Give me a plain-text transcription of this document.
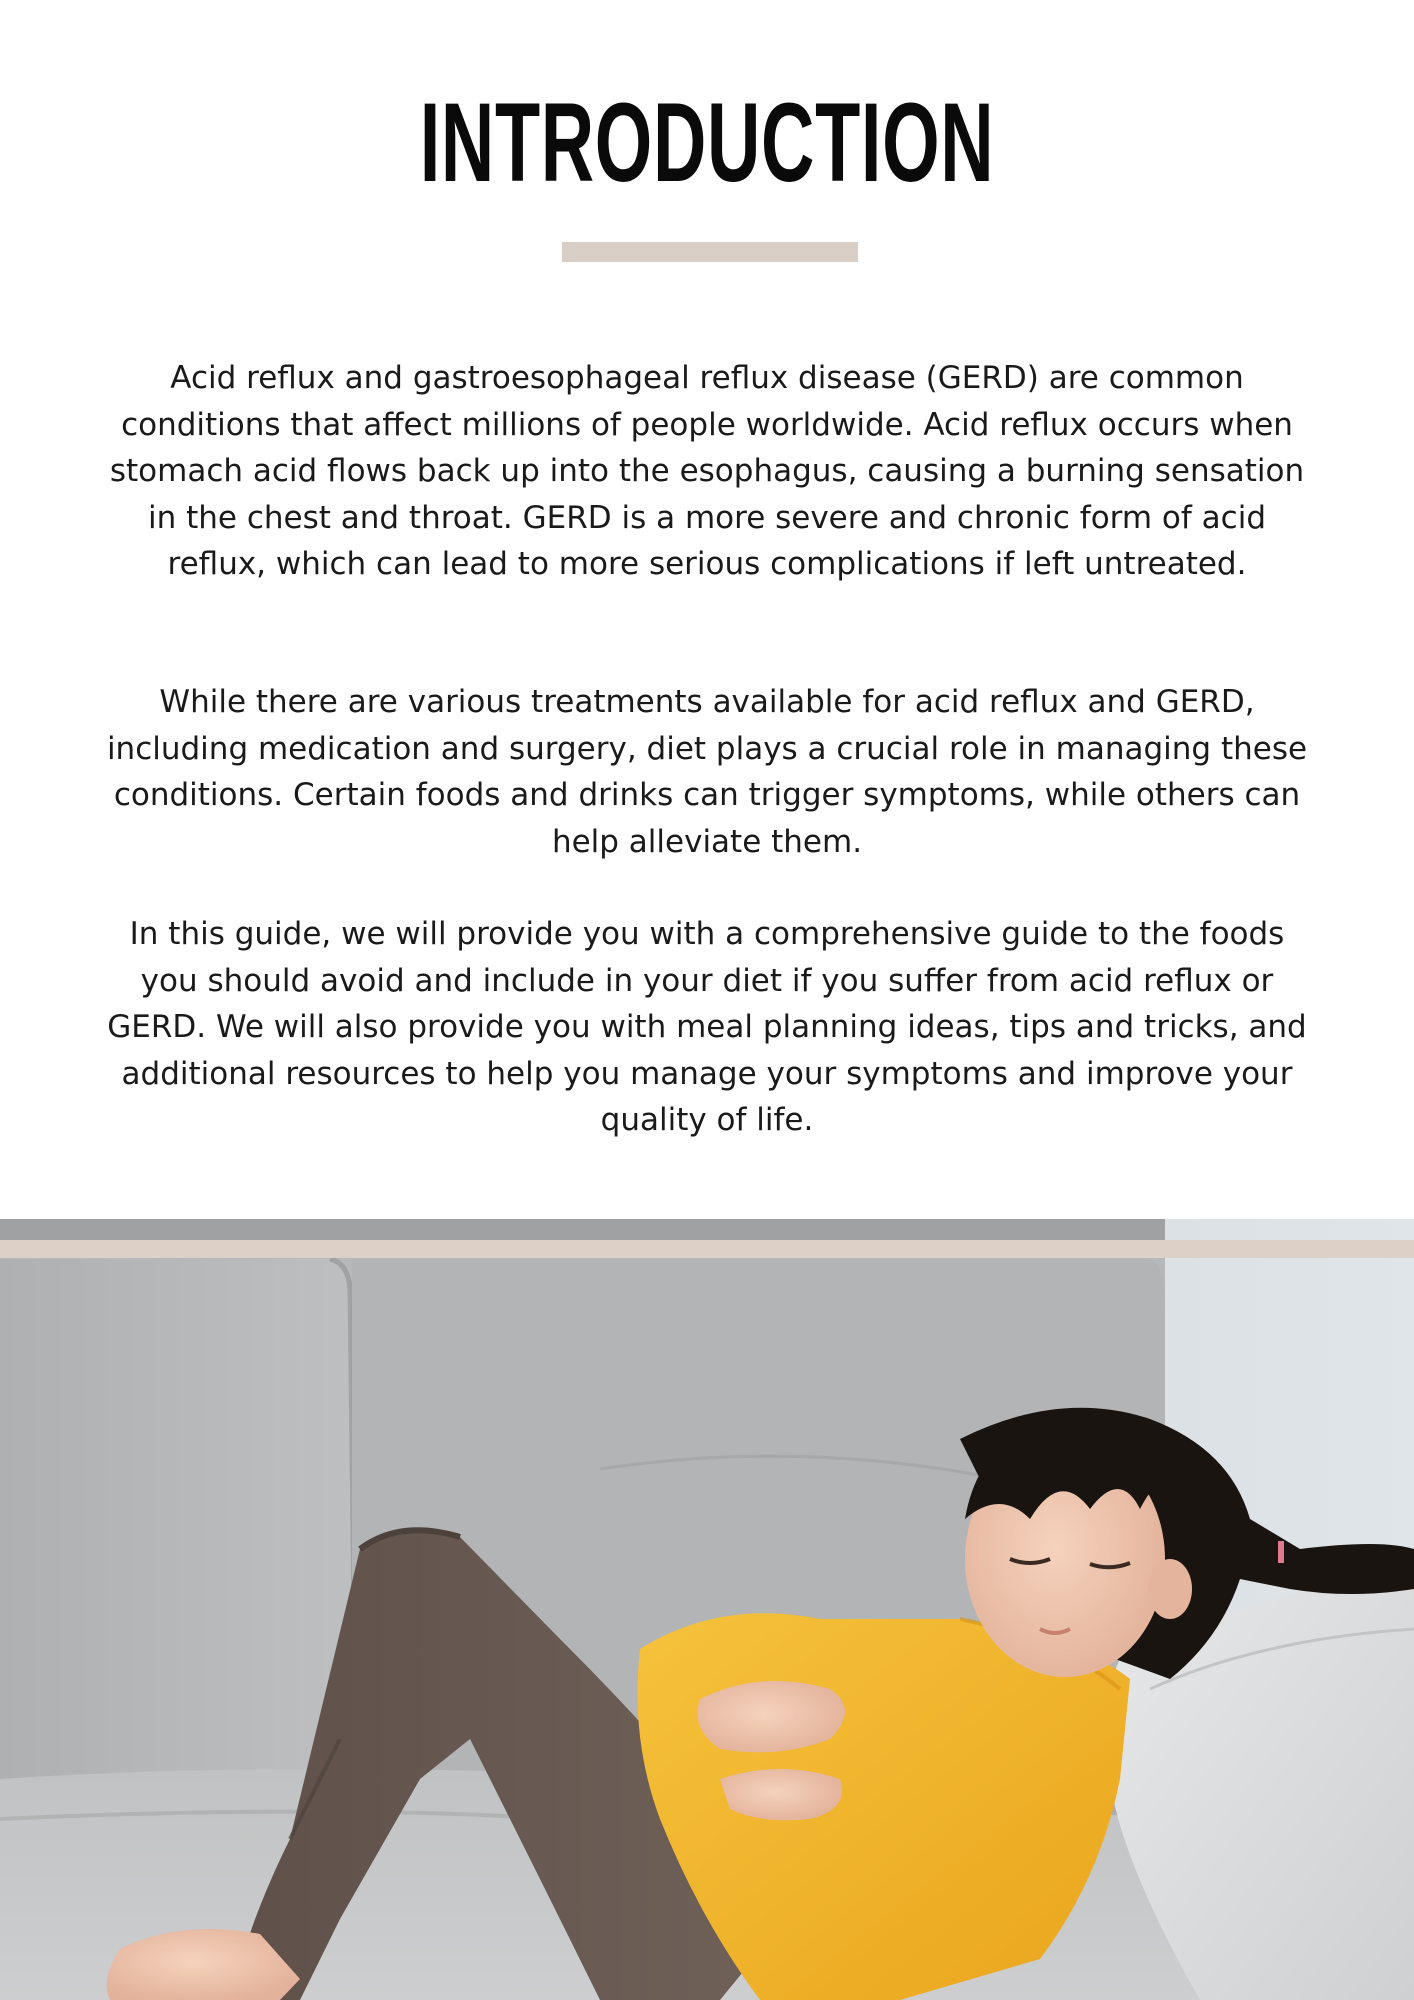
INTRODUCTION

Acid reflux and gastroesophageal reflux disease (GERD) are common conditions that affect millions of people worldwide. Acid reflux occurs when stomach acid flows back up into the esophagus, causing a burning sensation in the chest and throat. GERD is a more severe and chronic form of acid reflux, which can lead to more serious complications if left untreated.

While there are various treatments available for acid reflux and GERD, including medication and surgery, diet plays a crucial role in managing these conditions. Certain foods and drinks can trigger symptoms, while others can help alleviate them.

In this guide, we will provide you with a comprehensive guide to the foods you should avoid and include in your diet if you suffer from acid reflux or GERD. We will also provide you with meal planning ideas, tips and tricks, and additional resources to help you manage your symptoms and improve your quality of life.
